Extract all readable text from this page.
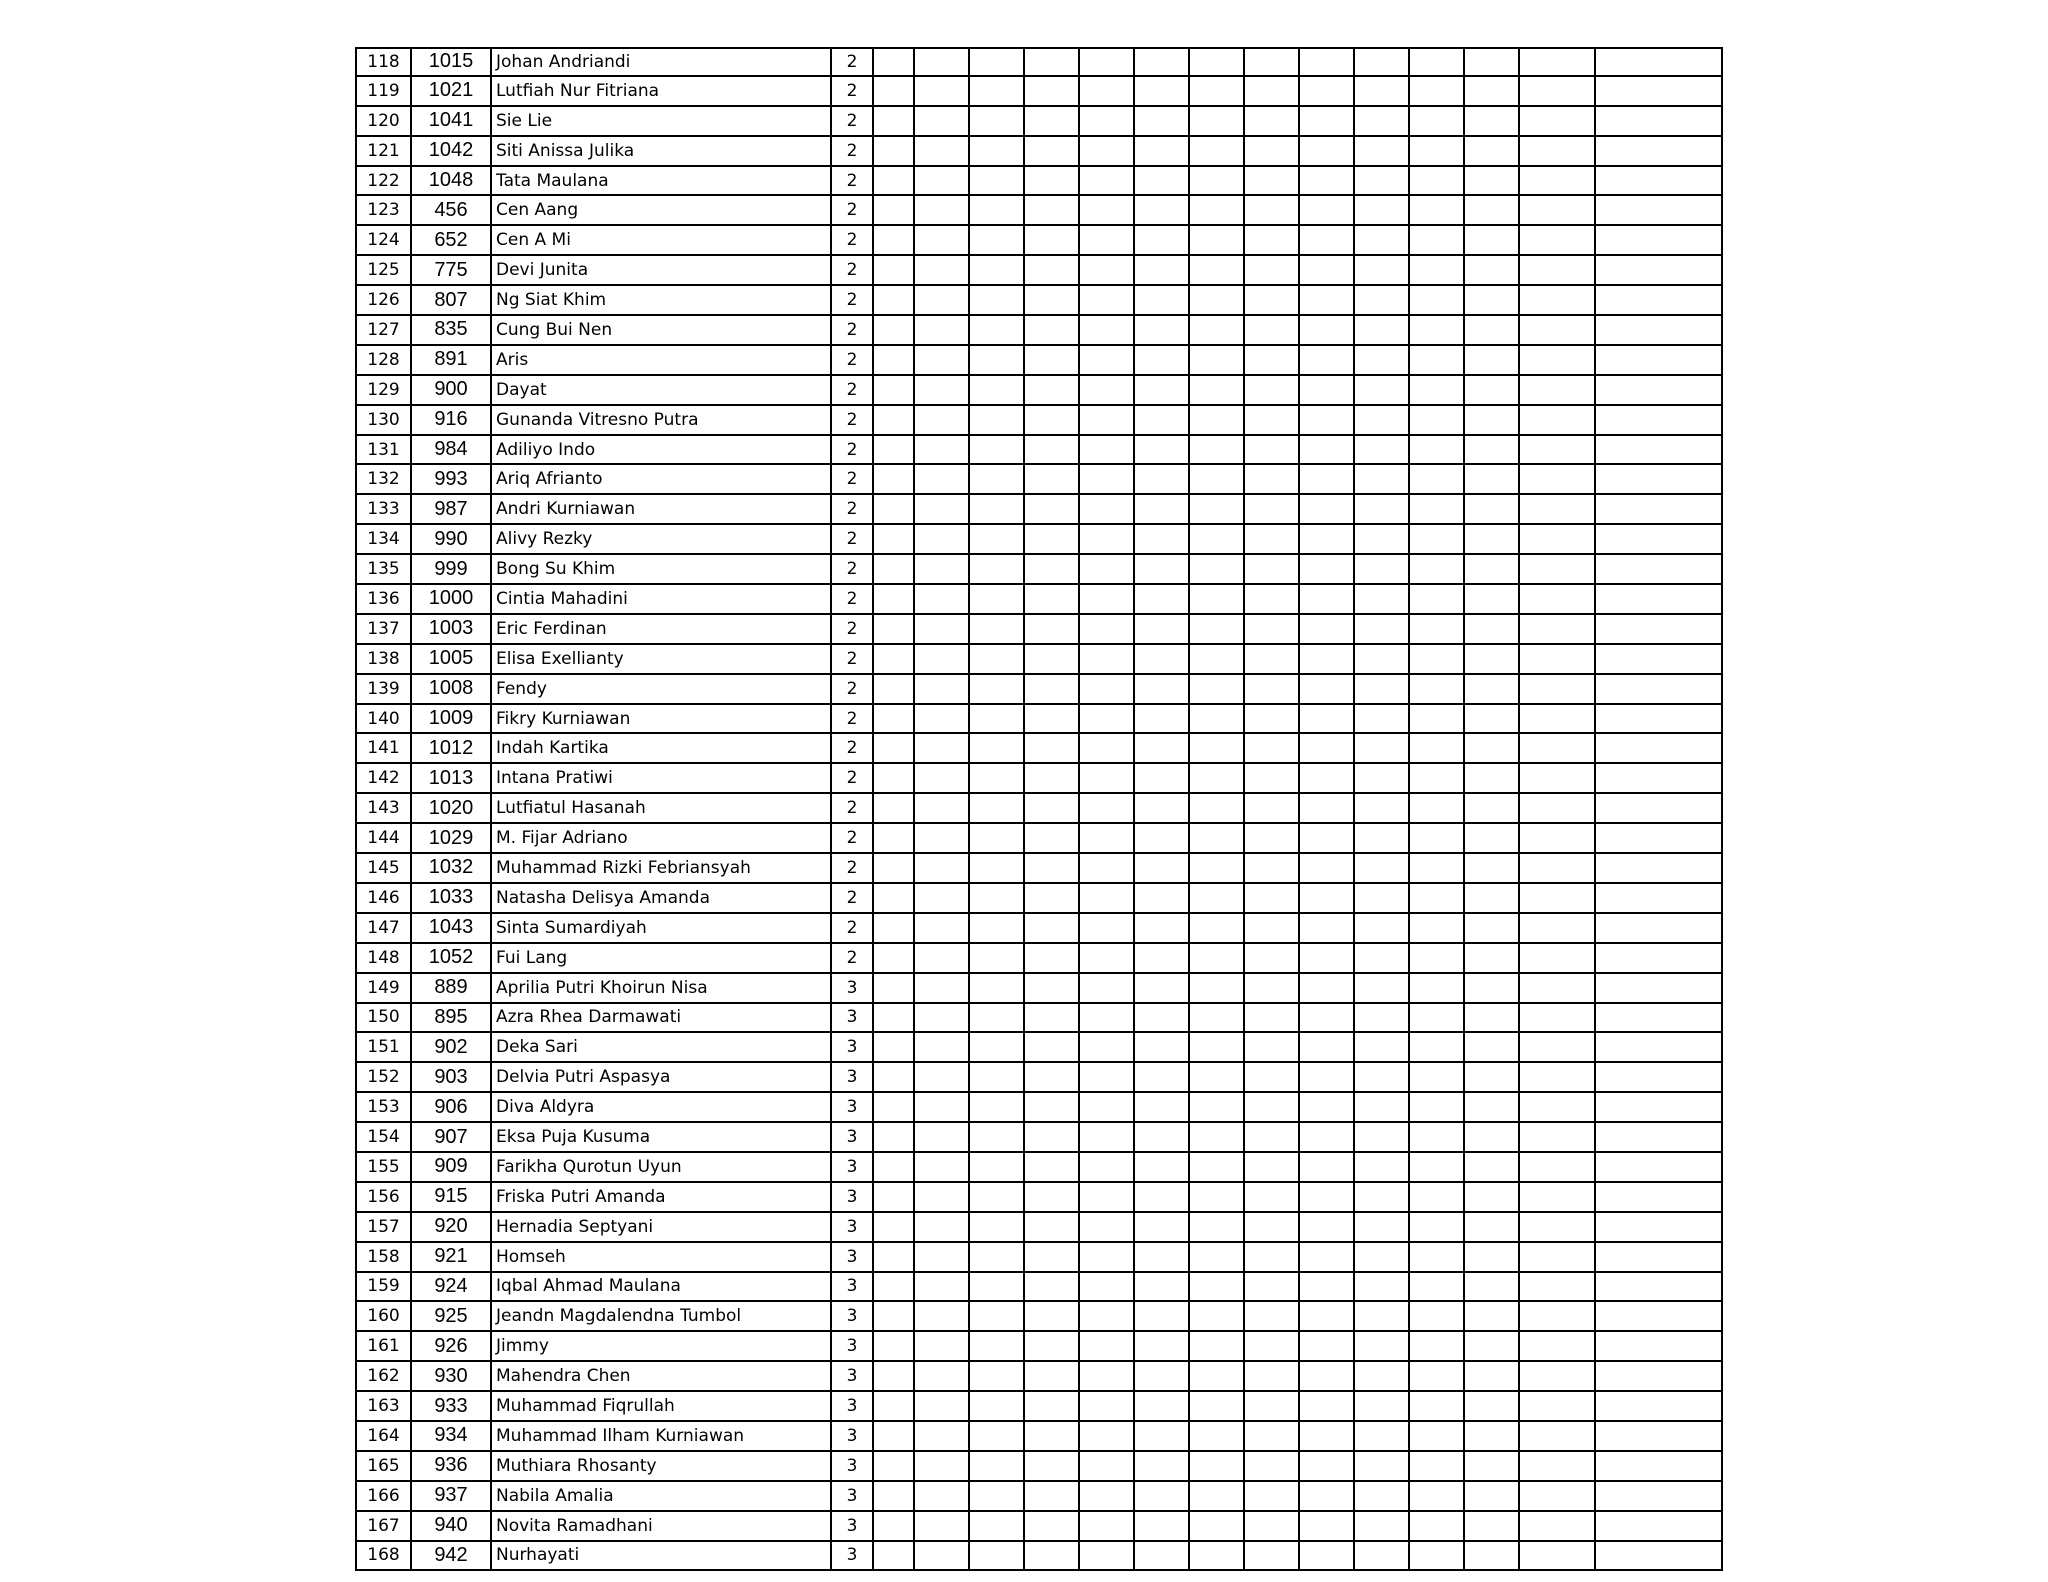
118	1015	Johan Andriandi	2
119	1021	Lutfiah Nur Fitriana	2
120	1041	Sie Lie	2
121	1042	Siti Anissa Julika	2
122	1048	Tata Maulana	2
123	456	Cen Aang	2
124	652	Cen A Mi	2
125	775	Devi Junita	2
126	807	Ng Siat Khim	2
127	835	Cung Bui Nen	2
128	891	Aris	2
129	900	Dayat	2
130	916	Gunanda Vitresno Putra	2
131	984	Adiliyo Indo	2
132	993	Ariq Afrianto	2
133	987	Andri Kurniawan	2
134	990	Alivy Rezky	2
135	999	Bong Su Khim	2
136	1000	Cintia Mahadini	2
137	1003	Eric Ferdinan	2
138	1005	Elisa Exellianty	2
139	1008	Fendy	2
140	1009	Fikry Kurniawan	2
141	1012	Indah Kartika	2
142	1013	Intana Pratiwi	2
143	1020	Lutfiatul Hasanah	2
144	1029	M. Fijar Adriano	2
145	1032	Muhammad Rizki Febriansyah	2
146	1033	Natasha Delisya Amanda	2
147	1043	Sinta Sumardiyah	2
148	1052	Fui Lang	2
149	889	Aprilia Putri Khoirun Nisa	3
150	895	Azra Rhea Darmawati	3
151	902	Deka Sari	3
152	903	Delvia Putri Aspasya	3
153	906	Diva Aldyra	3
154	907	Eksa Puja Kusuma	3
155	909	Farikha Qurotun Uyun	3
156	915	Friska Putri Amanda	3
157	920	Hernadia Septyani	3
158	921	Homseh	3
159	924	Iqbal Ahmad Maulana	3
160	925	Jeandn Magdalendna Tumbol	3
161	926	Jimmy	3
162	930	Mahendra Chen	3
163	933	Muhammad Fiqrullah	3
164	934	Muhammad Ilham Kurniawan	3
165	936	Muthiara Rhosanty	3
166	937	Nabila Amalia	3
167	940	Novita Ramadhani	3
168	942	Nurhayati	3
